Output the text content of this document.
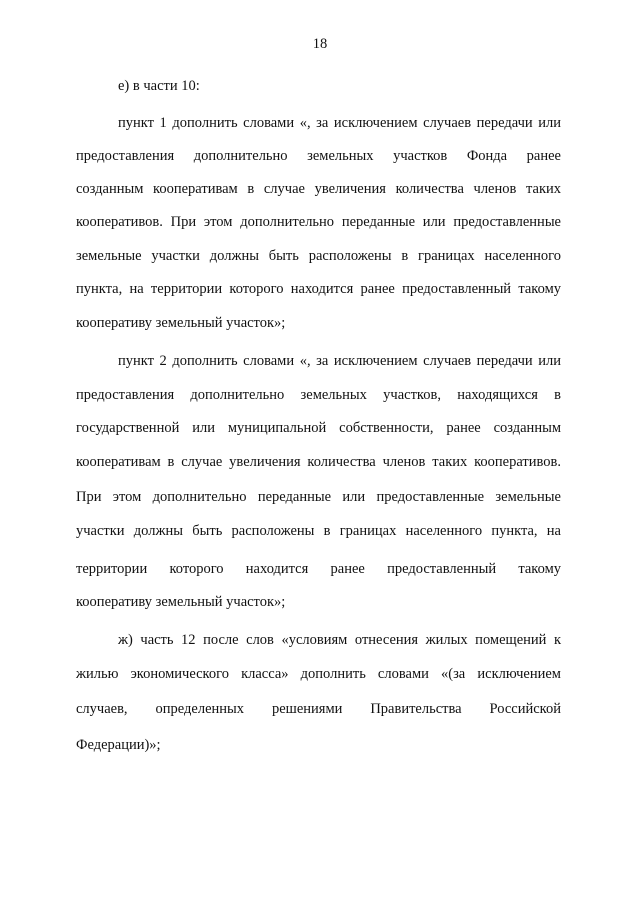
18
е) в части 10:
пункт 1 дополнить словами «, за исключением случаев передачи или
предоставления дополнительно земельных участков Фонда ранее
созданным кооперативам в случае увеличения количества членов таких
кооперативов. При этом дополнительно переданные или предоставленные
земельные участки должны быть расположены в границах населенного
пункта, на территории которого находится ранее предоставленный такому
кооперативу земельный участок»;
пункт 2 дополнить словами «, за исключением случаев передачи или
предоставления дополнительно земельных участков, находящихся в
государственной или муниципальной собственности, ранее созданным
кооперативам в случае увеличения количества членов таких кооперативов.
При этом дополнительно переданные или предоставленные земельные
участки должны быть расположены в границах населенного пункта, на
территории которого находится ранее предоставленный такому
кооперативу земельный участок»;
ж) часть 12 после слов «условиям отнесения жилых помещений к
жилью экономического класса» дополнить словами «(за исключением
случаев, определенных решениями Правительства Российской
Федерации)»;
